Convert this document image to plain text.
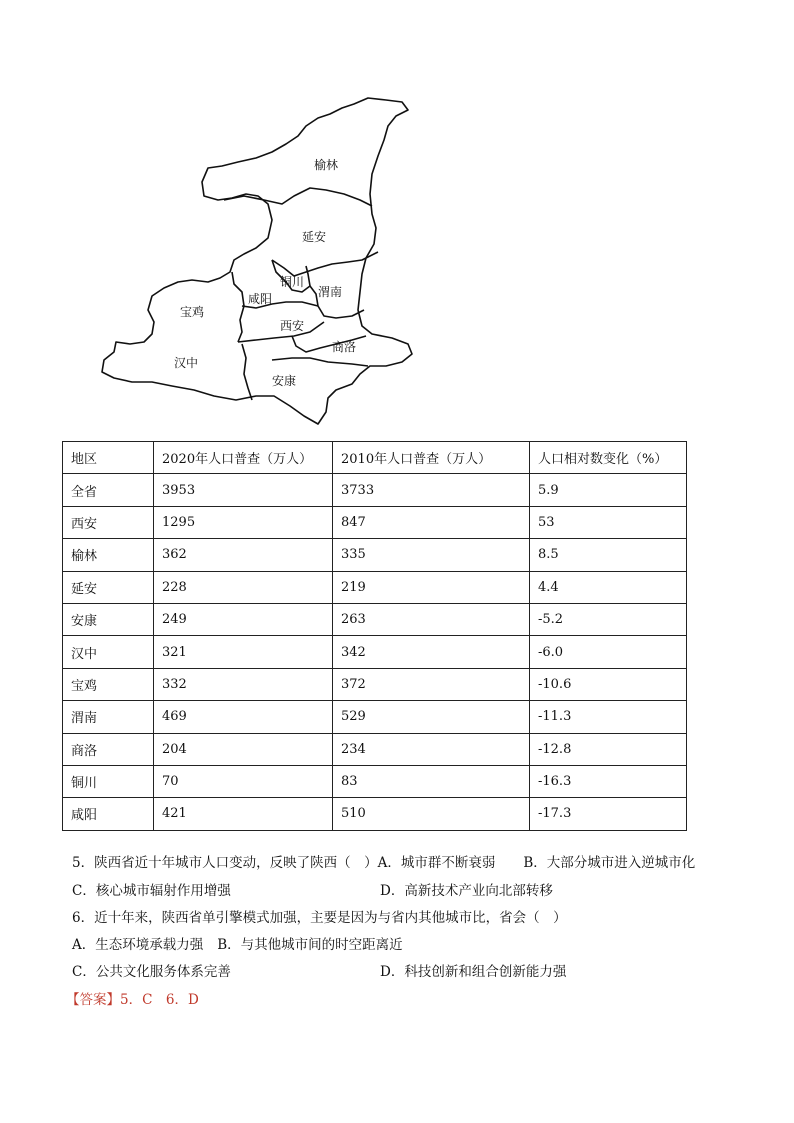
榆林
延安
铜川
渭南
宝鸡
咸阳
西安
商洛
汉中
安康
地区	2020年人口普查（万人）	2010年人口普查（万人）	人口相对数变化（%）
全省	3953	3733	5.9
西安	1295	847	53
榆林	362	335	8.5
延安	228	219	4.4
安康	249	263	-5.2
汉中	321	342	-6.0
宝鸡	332	372	-10.6
渭南	469	529	-11.3
商洛	204	234	-12.8
铜川	70	83	-16.3
咸阳	421	510	-17.3
5．陕西省近十年城市人口变动，反映了陕西（　）A．城市群不断衰弱 B．大部分城市进入逆城市化
C．核心城市辐射作用增强	D．高新技术产业向北部转移
6．近十年来，陕西省单引擎模式加强，主要是因为与省内其他城市比，省会（　）
A．生态环境承载力强 B．与其他城市间的时空距离近
C．公共文化服务体系完善	D．科技创新和组合创新能力强
【答案】5．C　6．D
